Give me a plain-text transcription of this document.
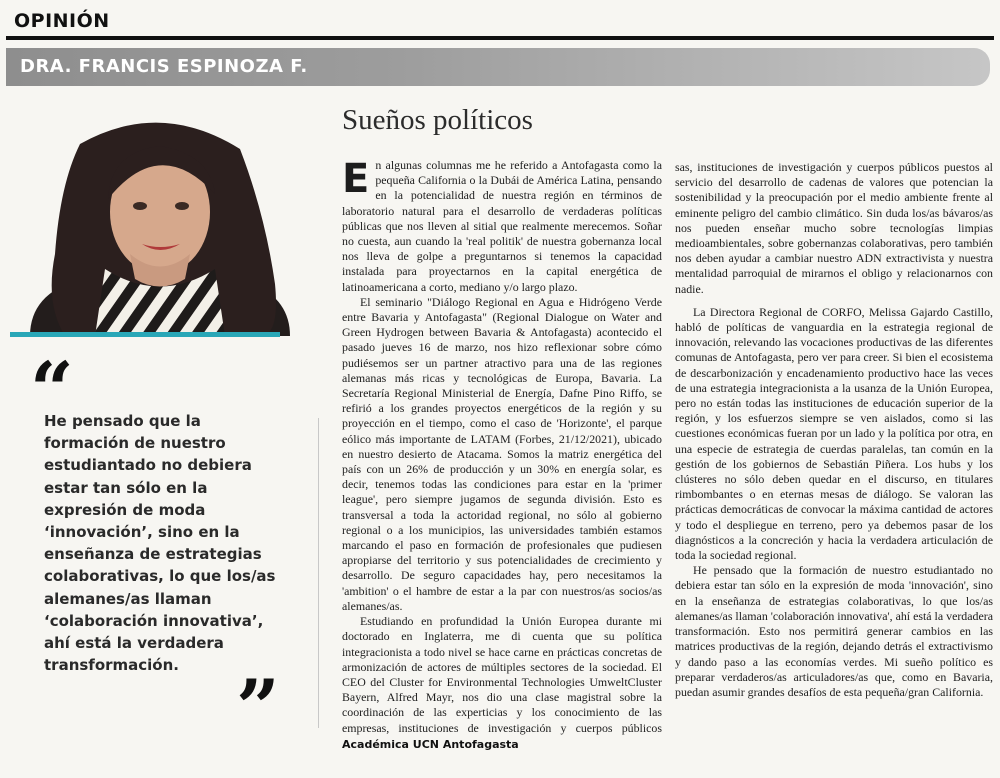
OPINIÓN
DRA. FRANCIS ESPINOZA F.
“
He pensado que la formación de nuestro estudiantado no debiera estar tan sólo en la expresión de moda ‘innovación’, sino en la enseñanza de estrategias colaborativas, lo que los/as alemanes/as llaman ‘colaboración innovativa’, ahí está la verdadera transformación. ”
Sueños políticos

En algunas columnas me he referido a Antofagasta como la pequeña California o la Dubái de América Latina, pensando en la potencialidad de nuestra región en términos de laboratorio natural para el desarrollo de verdaderas políticas públicas que nos lleven al sitial que realmente merecemos. Soñar no cuesta, aun cuando la 'real politik' de nuestra gobernanza local nos lleva de golpe a preguntarnos si tenemos la capacidad instalada para proyectarnos en la capital energética de latinoamericana a corto, mediano y/o largo plazo.

El seminario "Diálogo Regional en Agua e Hidrógeno Verde entre Bavaria y Antofagasta" (Regional Dialogue on Water and Green Hydrogen between Bavaria & Antofagasta) acontecido el pasado jueves 16 de marzo, nos hizo reflexionar sobre cómo pudiésemos ser un partner atractivo para una de las regiones alemanas más ricas y tecnológicas de Europa, Bavaria. La Secretaría Regional Ministerial de Energía, Dafne Pino Riffo, se refirió a los grandes proyectos energéticos de la región y su proyección en el tiempo, como el caso de 'Horizonte', el parque eólico más importante de LATAM (Forbes, 21/12/2021), ubicado en nuestro desierto de Atacama. Somos la matriz energética del país con un 26% de producción y un 30% en energía solar, es decir, tenemos todas las condiciones para estar en la 'primer league', pero siempre jugamos de segunda división. Esto es transversal a toda la actoridad regional, no sólo al gobierno regional o a los municipios, las universidades también estamos marcando el paso en formación de profesionales que pudiesen apropiarse del territorio y sus potencialidades de crecimiento y desarrollo. De seguro capacidades hay, pero necesitamos la 'ambition' o el hambre de estar a la par con nuestros/as socios/as alemanes/as.

Estudiando en profundidad la Unión Europea durante mi doctorado en Inglaterra, me di cuenta que su política integracionista a todo nivel se hace carne en prácticas concretas de armonización de actores de múltiples sectores de la sociedad. El CEO del Cluster for Environmental Technologies UmweltCluster Bayern, Alfred Mayr, nos dio una clase magistral sobre la coordinación de las experticias y los conocimiento de las empresas, instituciones de investigación y cuerpos públicos

sas, instituciones de investigación y cuerpos públicos puestos al servicio del desarrollo de cadenas de valores que potencian la sostenibilidad y la preocupación por el medio ambiente frente al eminente peligro del cambio climático. Sin duda los/as bávaros/as nos pueden enseñar mucho sobre tecnologías limpias medioambientales, sobre gobernanzas colaborativas, pero también nos deben ayudar a cambiar nuestro ADN extractivista y nuestra mentalidad parroquial de mirarnos el obligo y relacionarnos con nadie.

La Directora Regional de CORFO, Melissa Gajardo Castillo, habló de políticas de vanguardia en la estrategia regional de innovación, relevando las vocaciones productivas de las diferentes comunas de Antofagasta, pero ver para creer. Si bien el ecosistema de descarbonización y encadenamiento productivo hace las veces de una estrategia integracionista a la usanza de la Unión Europea, pero no están todas las instituciones de educación superior de la región, y los esfuerzos siempre se ven aislados, como si las cuestiones económicas fueran por un lado y la política por otra, en una especie de estrategia de cuerdas paralelas, tan común en la gestión de los gobiernos de Sebastián Piñera. Los hubs y los clústeres no sólo deben quedar en el discurso, en titulares rimbombantes o en eternas mesas de diálogo. Se valoran las prácticas democráticas de convocar la máxima cantidad de actores y todo el despliegue en terreno, pero ya debemos pasar de los diagnósticos a la concreción y hacia la verdadera articulación de toda la sociedad regional.

He pensado que la formación de nuestro estudiantado no debiera estar tan sólo en la expresión de moda 'innovación', sino en la enseñanza de estrategias colaborativas, lo que los/as alemanes/as llaman 'colaboración innovativa', ahí está la verdadera transformación. Esto nos permitirá generar cambios en las matrices productivas de la región, dejando detrás el extractivismo y dando paso a las economías verdes. Mi sueño político es preparar verdaderos/as articuladores/as que, como en Bavaria, puedan asumir grandes desafíos de esta pequeña/gran California.

Académica UCN Antofagasta
